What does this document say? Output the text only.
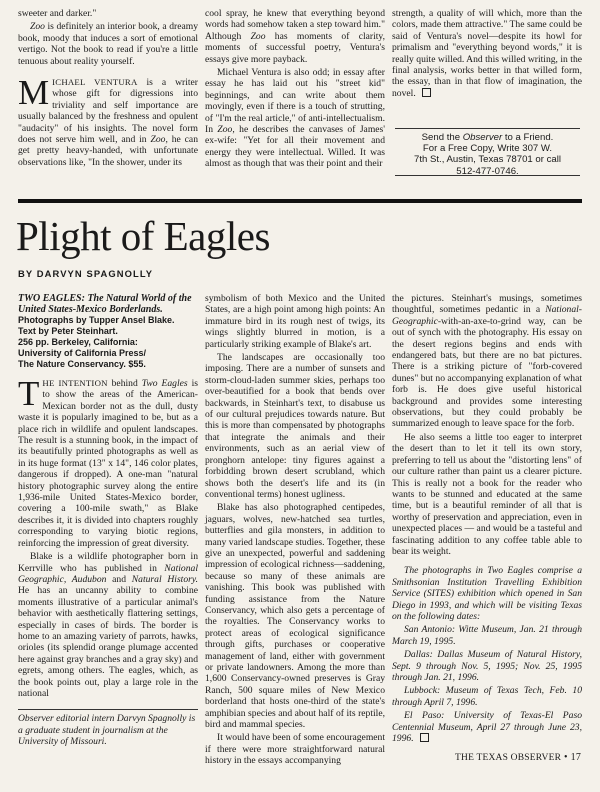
sweeter and darker."

Zoo is definitely an interior book, a dreamy book, moody that induces a sort of emotional vertigo. Not the book to read if you're a little tenuous about reality yourself.

MICHAEL VENTURA is a writer whose gift for digressions into triviality and self importance are usually balanced by the freshness and opulent "audacity" of his insights. The novel form does not serve him well, and in Zoo, he can get pretty heavy-handed, with unfortunate observations like, "In the shower, under its

cool spray, he knew that everything beyond words had somehow taken a step toward him." Although Zoo has moments of clarity, moments of successful poetry, Ventura's essays give more payback.

Michael Ventura is also odd; in essay after essay he has laid out his "street kid" beginnings, and can write about them movingly, even if there is a touch of strutting, of "I'm the real article," of anti-intellectualism. In Zoo, he describes the canvases of James' ex-wife: "Yet for all their movement and energy they were intellectual. Willed. It was almost as though that was their point and their

strength, a quality of will which, more than the colors, made them attractive." The same could be said of Ventura's novel—despite its howl for primalism and "everything beyond words," it is really quite willed. And this willed writing, in the final analysis, works better in that willed form, the essay, than in that flow of imagination, the novel.

Send the Observer to a Friend.
For a Free Copy, Write 307 W.
7th St., Austin, Texas 78701 or call
512-477-0746.
Plight of Eagles
BY DARVYN SPAGNOLLY
TWO EAGLES: The Natural World of the United States-Mexico Borderlands.
Photographs by Tupper Ansel Blake.
Text by Peter Steinhart.
256 pp. Berkeley, California:
University of California Press/
The Nature Conservancy. $55.

THE INTENTION behind Two Eagles is to show the areas of the American-Mexican border not as the dull, dusty waste it is popularly imagined to be, but as a place rich in wildlife and opulent landscapes. The result is a stunning book, in the impact of its beautifully printed photographs as well as in its huge format (13" x 14", 146 color plates, dangerous if dropped). A one-man "natural history photographic survey along the entire 1,936-mile United States-Mexico border, covering a 100-mile swath," as Blake describes it, it is divided into chapters roughly corresponding to varying biotic regions, reinforcing the impression of great diversity.

Blake is a wildlife photographer born in Kerrville who has published in National Geographic, Audubon and Natural History. He has an uncanny ability to combine moments illustrative of a particular animal's behavior with aesthetically flattering settings, especially in cases of birds. The border is home to an amazing variety of parrots, hawks, orioles (its splendid orange plumage accented here against gray branches and a gray sky) and egrets, among others. The eagles, which, as the book points out, play a large role in the national

Observer editorial intern Darvyn Spagnolly is a graduate student in journalism at the University of Missouri.

symbolism of both Mexico and the United States, are a high point among high points: An immature bird in its rough nest of twigs, its wings slightly blurred in motion, is a particularly striking example of Blake's art.

The landscapes are occasionally too imposing. There are a number of sunsets and storm-cloud-laden summer skies, perhaps too over-beautified for a book that bends over backwards, in Steinhart's text, to disabuse us of our cultural prejudices towards nature. But this is more than compensated by photographs that integrate the animals and their environments, such as an aerial view of pronghorn antelope: tiny figures against a forbidding brown desert scrubland, which shows both the desert's life and its (in conventional terms) honest ugliness.

Blake has also photographed centipedes, jaguars, wolves, new-hatched sea turtles, butterflies and gila monsters, in addition to many varied landscape studies. Together, these give an unexpected, powerful and saddening impression of ecological richness—saddening, because so many of these animals are vanishing. This book was published with funding assistance from the Nature Conservancy, which also gets a percentage of the royalties. The Conservancy works to protect areas of ecological significance through gifts, purchases or cooperative management of land, either with government or private landowners. Among the more than 1,600 Conservancy-owned preserves is Gray Ranch, 500 square miles of New Mexico borderland that hosts one-third of the state's amphibian species and about half of its reptile, bird and mammal species.

It would have been of some encouragement if there were more straightforward natural history in the essays accompanying

the pictures. Steinhart's musings, sometimes thoughtful, sometimes pedantic in a National-Geographic-with-an-axe-to-grind way, can be out of synch with the photography. His essay on the desert regions begins and ends with endangered bats, but there are no bat pictures. There is a striking picture of "forb-covered dunes" but no accompanying explanation of what forb is. He does give useful historical background and provides some interesting observations, but they could probably be summarized enough to leave space for the forb.

He also seems a little too eager to interpret the desert than to let it tell its own story, preferring to tell us about the "distorting lens" of our culture rather than paint us a clearer picture. This is really not a book for the reader who wants to be stunned and educated at the same time, but is a beautiful reminder of all that is worthy of preservation and appreciation, even in unexpected places — and would be a tasteful and fascinating addition to any coffee table able to bear its weight.

The photographs in Two Eagles comprise a Smithsonian Institution Travelling Exhibition Service (SITES) exhibition which opened in San Diego in 1993, and which will be visiting Texas on the following dates:

San Antonio: Witte Museum, Jan. 21 through March 19, 1995.

Dallas: Dallas Museum of Natural History, Sept. 9 through Nov. 5, 1995; Nov. 25, 1995 through Jan. 21, 1996.

Lubbock: Museum of Texas Tech, Feb. 10 through April 7, 1996.

El Paso: University of Texas-El Paso Centennial Museum, April 27 through June 23, 1996.

THE TEXAS OBSERVER • 17
